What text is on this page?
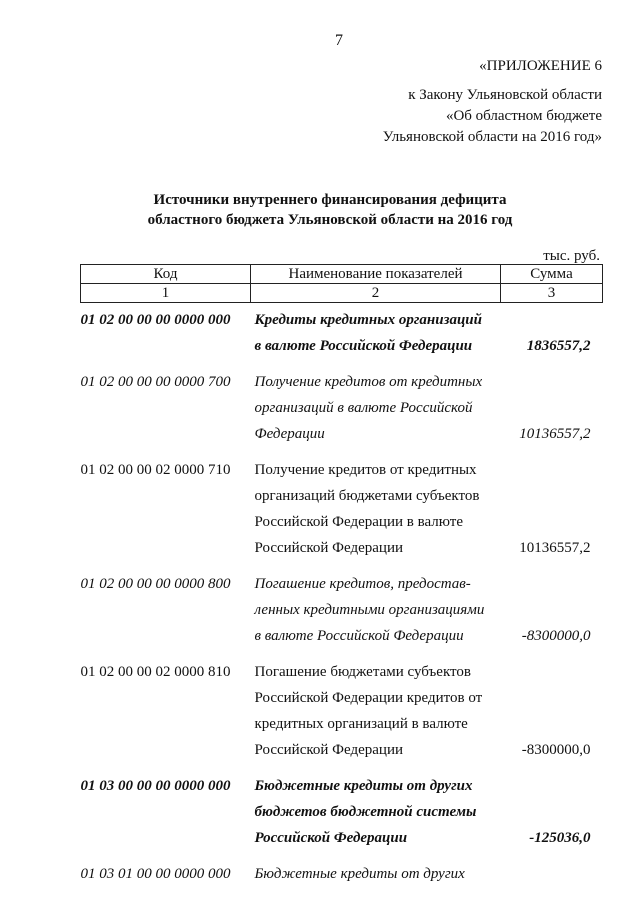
7
«ПРИЛОЖЕНИЕ 6
к Закону Ульяновской области
«Об областном бюджете
Ульяновской области на 2016 год»
Источники внутреннего финансирования дефицита
областного бюджета Ульяновской области на 2016 год
тыс. руб.
Код	Наименование показателей	Сумма
1	2	3
01 02 00 00 00 0000 000	Кредиты кредитных организаций
в валюте Российской Федерации	1836557,2
01 02 00 00 00 0000 700	Получение кредитов от кредитных
организаций в валюте Российской
Федерации	10136557,2
01 02 00 00 02 0000 710	Получение кредитов от кредитных
организаций бюджетами субъектов
Российской Федерации в валюте
Российской Федерации	10136557,2
01 02 00 00 00 0000 800	Погашение кредитов, предостав-
ленных кредитными организациями
в валюте Российской Федерации	-8300000,0
01 02 00 00 02 0000 810	Погашение бюджетами субъектов
Российской Федерации кредитов от
кредитных организаций в валюте
Российской Федерации	-8300000,0
01 03 00 00 00 0000 000	Бюджетные кредиты от других
бюджетов бюджетной системы
Российской Федерации	-125036,0
01 03 01 00 00 0000 000	Бюджетные кредиты от других	
